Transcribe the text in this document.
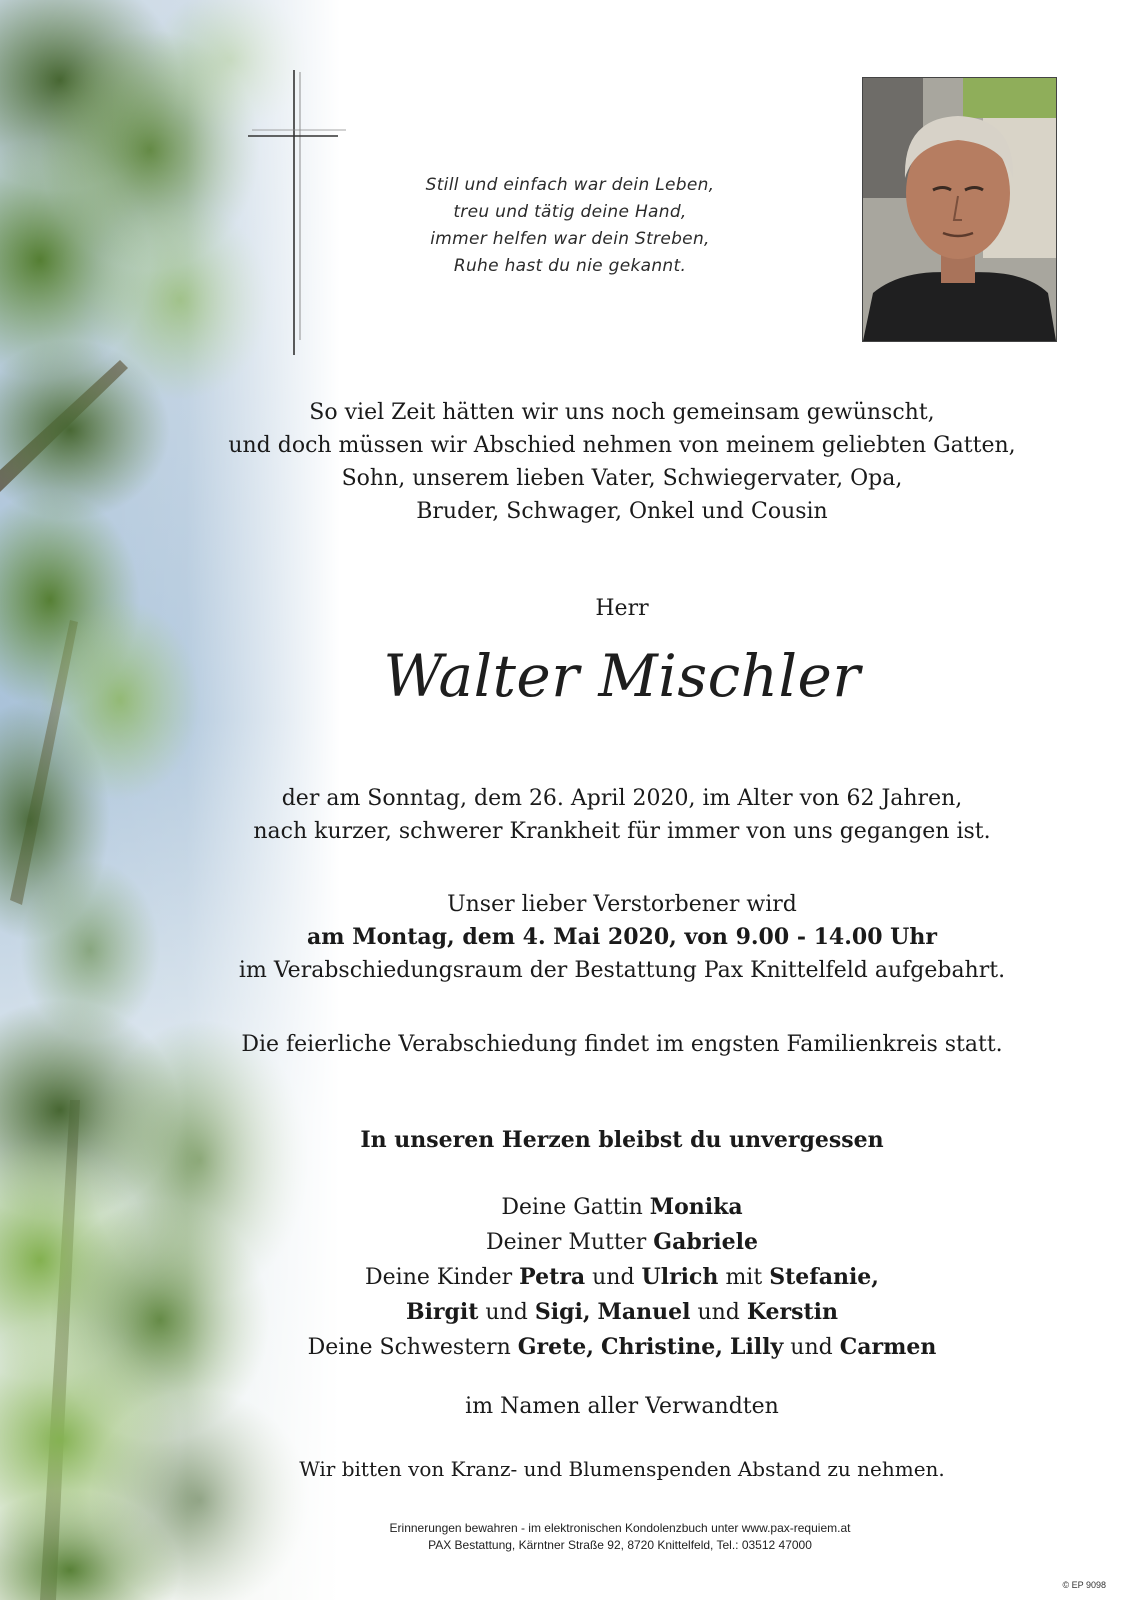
Still und einfach war dein Leben,
treu und tätig deine Hand,
immer helfen war dein Streben,
Ruhe hast du nie gekannt.
So viel Zeit hätten wir uns noch gemeinsam gewünscht,
und doch müssen wir Abschied nehmen von meinem geliebten Gatten,
Sohn, unserem lieben Vater, Schwiegervater, Opa,
Bruder, Schwager, Onkel und Cousin
Herr
Walter Mischler
der am Sonntag, dem 26. April 2020, im Alter von 62 Jahren,
nach kurzer, schwerer Krankheit für immer von uns gegangen ist.
Unser lieber Verstorbener wird
am Montag, dem 4. Mai 2020, von 9.00 - 14.00 Uhr
im Verabschiedungsraum der Bestattung Pax Knittelfeld aufgebahrt.
Die feierliche Verabschiedung findet im engsten Familienkreis statt.
In unseren Herzen bleibst du unvergessen
Deine Gattin Monika
Deiner Mutter Gabriele
Deine Kinder Petra und Ulrich mit Stefanie,
Birgit und Sigi, Manuel und Kerstin
Deine Schwestern Grete, Christine, Lilly und Carmen
im Namen aller Verwandten
Wir bitten von Kranz- und Blumenspenden Abstand zu nehmen.
Erinnerungen bewahren - im elektronischen Kondolenzbuch unter www.pax-requiem.at
PAX Bestattung, Kärntner Straße 92, 8720 Knittelfeld, Tel.: 03512 47000
© EP 9098
